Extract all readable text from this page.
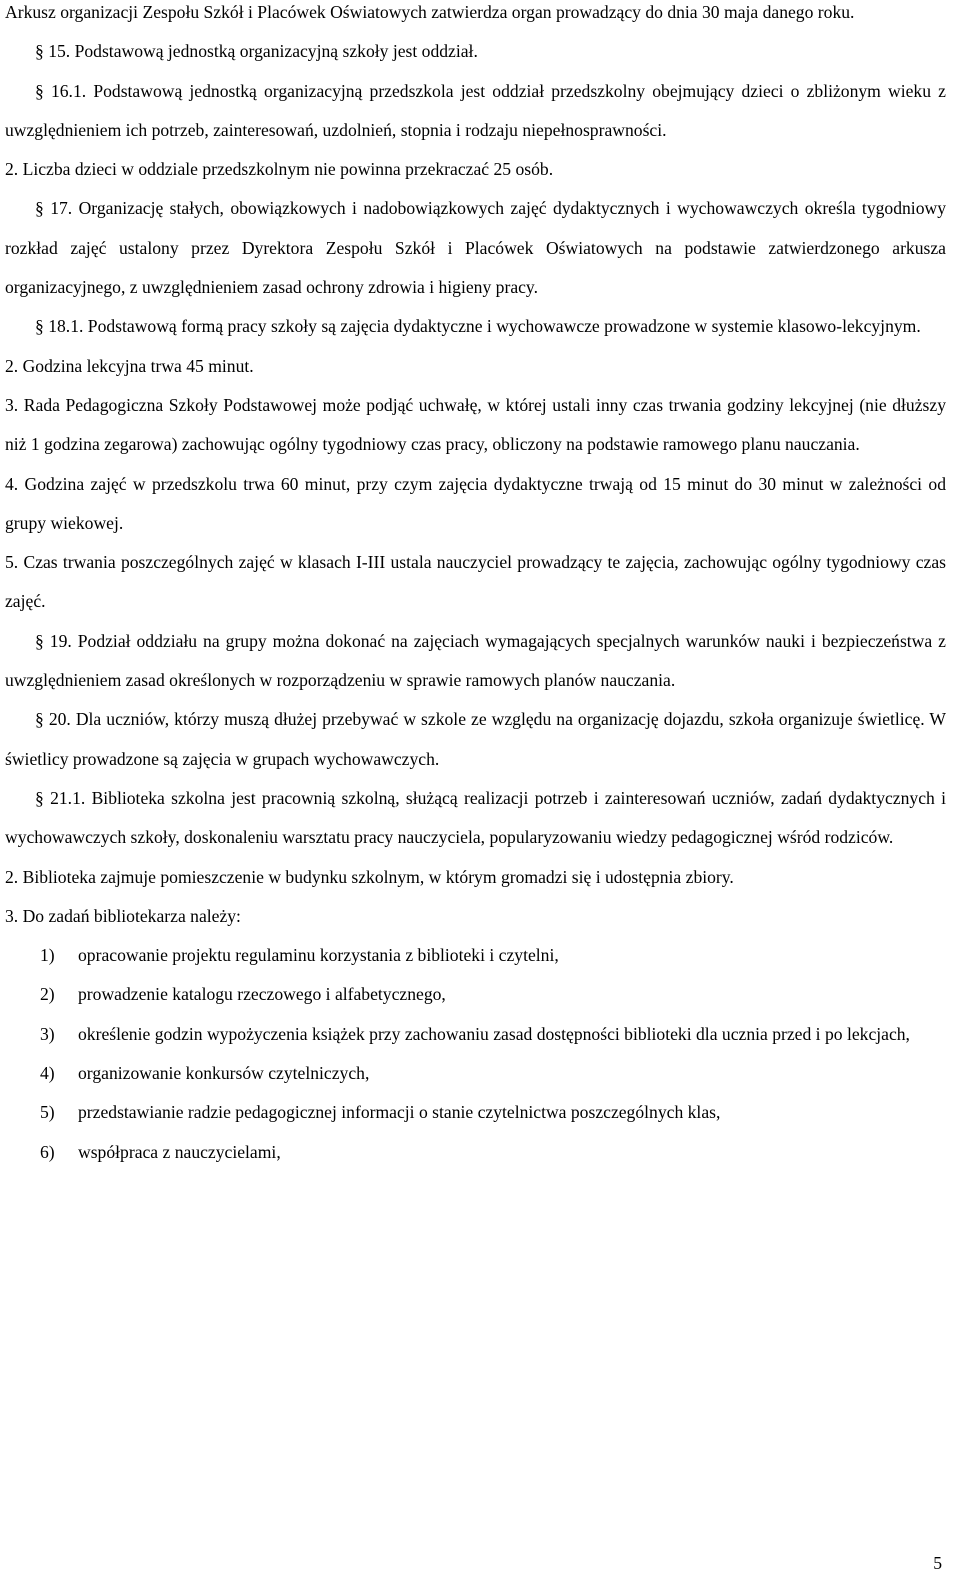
Arkusz organizacji Zespołu Szkół i Placówek Oświatowych zatwierdza organ prowadzący do dnia 30 maja danego roku.

§ 15. Podstawową jednostką organizacyjną szkoły jest oddział.

§ 16.1. Podstawową jednostką organizacyjną przedszkola jest oddział przedszkolny obejmujący dzieci o zbliżonym wieku z uwzględnieniem ich potrzeb, zainteresowań, uzdolnień, stopnia i rodzaju niepełnosprawności.

2. Liczba dzieci w oddziale przedszkolnym nie powinna przekraczać 25 osób.

§ 17. Organizację stałych, obowiązkowych i nadobowiązkowych zajęć dydaktycznych i wychowawczych określa tygodniowy rozkład zajęć ustalony przez Dyrektora Zespołu Szkół i Placówek Oświatowych na podstawie zatwierdzonego arkusza organizacyjnego, z uwzględnieniem zasad ochrony zdrowia i higieny pracy.

§ 18.1. Podstawową formą pracy szkoły są zajęcia dydaktyczne i wychowawcze prowadzone w systemie klasowo-lekcyjnym.

2. Godzina lekcyjna trwa 45 minut.

3. Rada Pedagogiczna Szkoły Podstawowej może podjąć uchwałę, w której ustali inny czas trwania godziny lekcyjnej (nie dłuższy niż 1 godzina zegarowa) zachowując ogólny tygodniowy czas pracy, obliczony na podstawie ramowego planu nauczania.

4. Godzina zajęć w przedszkolu trwa 60 minut, przy czym zajęcia dydaktyczne trwają od 15 minut do 30 minut w zależności od grupy wiekowej.

5. Czas trwania poszczególnych zajęć w klasach I-III ustala nauczyciel prowadzący te zajęcia, zachowując ogólny tygodniowy czas zajęć.

§ 19. Podział oddziału na grupy można dokonać na zajęciach wymagających specjalnych warunków nauki i bezpieczeństwa z uwzględnieniem zasad określonych w rozporządzeniu w sprawie ramowych planów nauczania.

§ 20. Dla uczniów, którzy muszą dłużej przebywać w szkole ze względu na organizację dojazdu, szkoła organizuje świetlicę. W świetlicy prowadzone są zajęcia w grupach wychowawczych.

§ 21.1. Biblioteka szkolna jest pracownią szkolną, służącą realizacji potrzeb i zainteresowań uczniów, zadań dydaktycznych i wychowawczych szkoły, doskonaleniu warsztatu pracy nauczyciela, popularyzowaniu wiedzy pedagogicznej wśród rodziców.

2. Biblioteka zajmuje pomieszczenie w budynku szkolnym, w którym gromadzi się i udostępnia zbiory.

3. Do zadań bibliotekarza należy:

1)	opracowanie projektu regulaminu korzystania z biblioteki i czytelni,
2)	prowadzenie katalogu rzeczowego i alfabetycznego,
3)	określenie godzin wypożyczenia książek przy zachowaniu zasad dostępności biblioteki dla ucznia przed i po lekcjach,
4)	organizowanie konkursów czytelniczych,
5)	przedstawianie radzie pedagogicznej informacji o stanie czytelnictwa poszczególnych klas,
6)	współpraca z nauczycielami,
5
